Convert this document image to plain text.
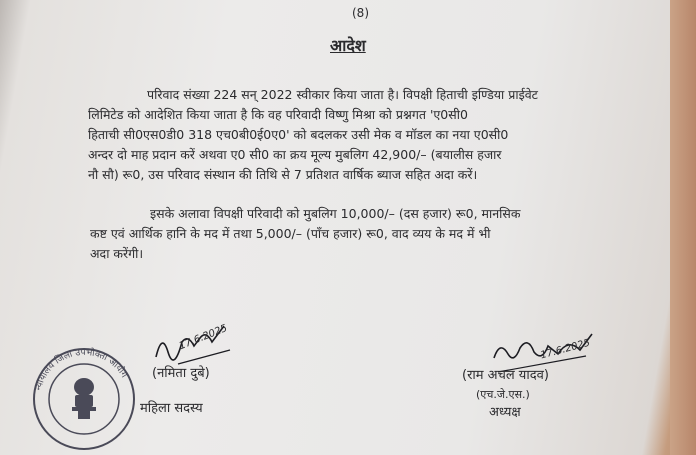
(8)
आदेश
परिवाद संख्या 224 सन् 2022 स्वीकार किया जाता है। विपक्षी हिताची इण्डिया प्राईवेट
लिमिटेड को आदेशित किया जाता है कि वह परिवादी विष्णु मिश्रा को प्रश्नगत 'ए0सी0
हिताची सी0एस0डी0 318 एच0बी0ई0ए0' को बदलकर उसी मेक व मॉडल का नया ए0सी0
अन्दर दो माह प्रदान करें अथवा ए0 सी0 का क्रय मूल्य मुबलिग 42,900/– (बयालीस हजार
नौ सौ) रू0, उस परिवाद संस्थान की तिथि से 7 प्रतिशत वार्षिक ब्याज सहित अदा करें।
इसके अलावा विपक्षी परिवादी को मुबलिग 10,000/– (दस हजार) रू0, मानसिक
कष्ट एवं आर्थिक हानि के मद में तथा 5,000/– (पाँच हजार) रू0, वाद व्यय के मद में भी
अदा करेंगी।
17.6.2025
(नमिता दुबे)
महिला सदस्य
17.6.2025
(राम अचल यादव)
(एच.जे.एस.)
अध्यक्ष
न्यायालय जिला उपभोक्ता आयोग
